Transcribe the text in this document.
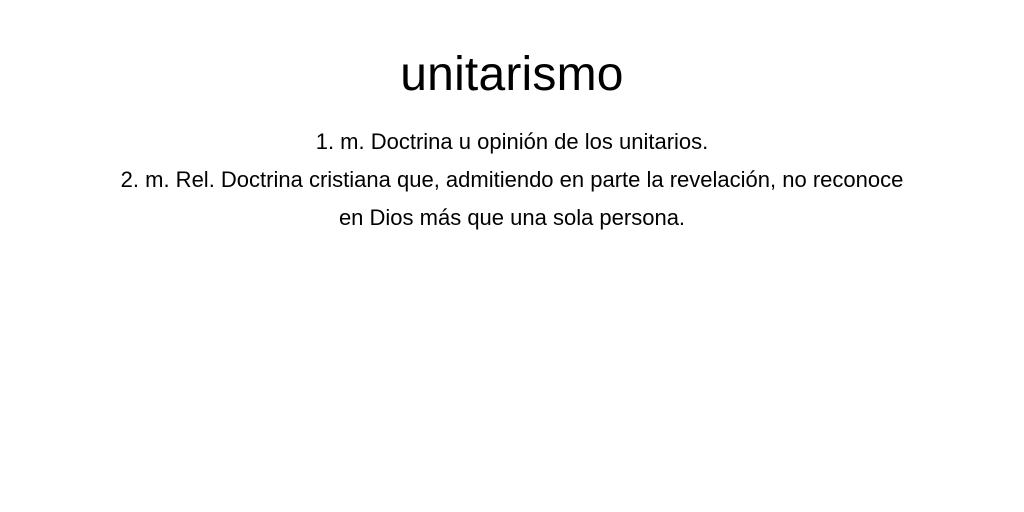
unitarismo
1. m. Doctrina u opinión de los unitarios.
2. m. Rel. Doctrina cristiana que, admitiendo en parte la revelación, no reconoce en Dios más que una sola persona.
